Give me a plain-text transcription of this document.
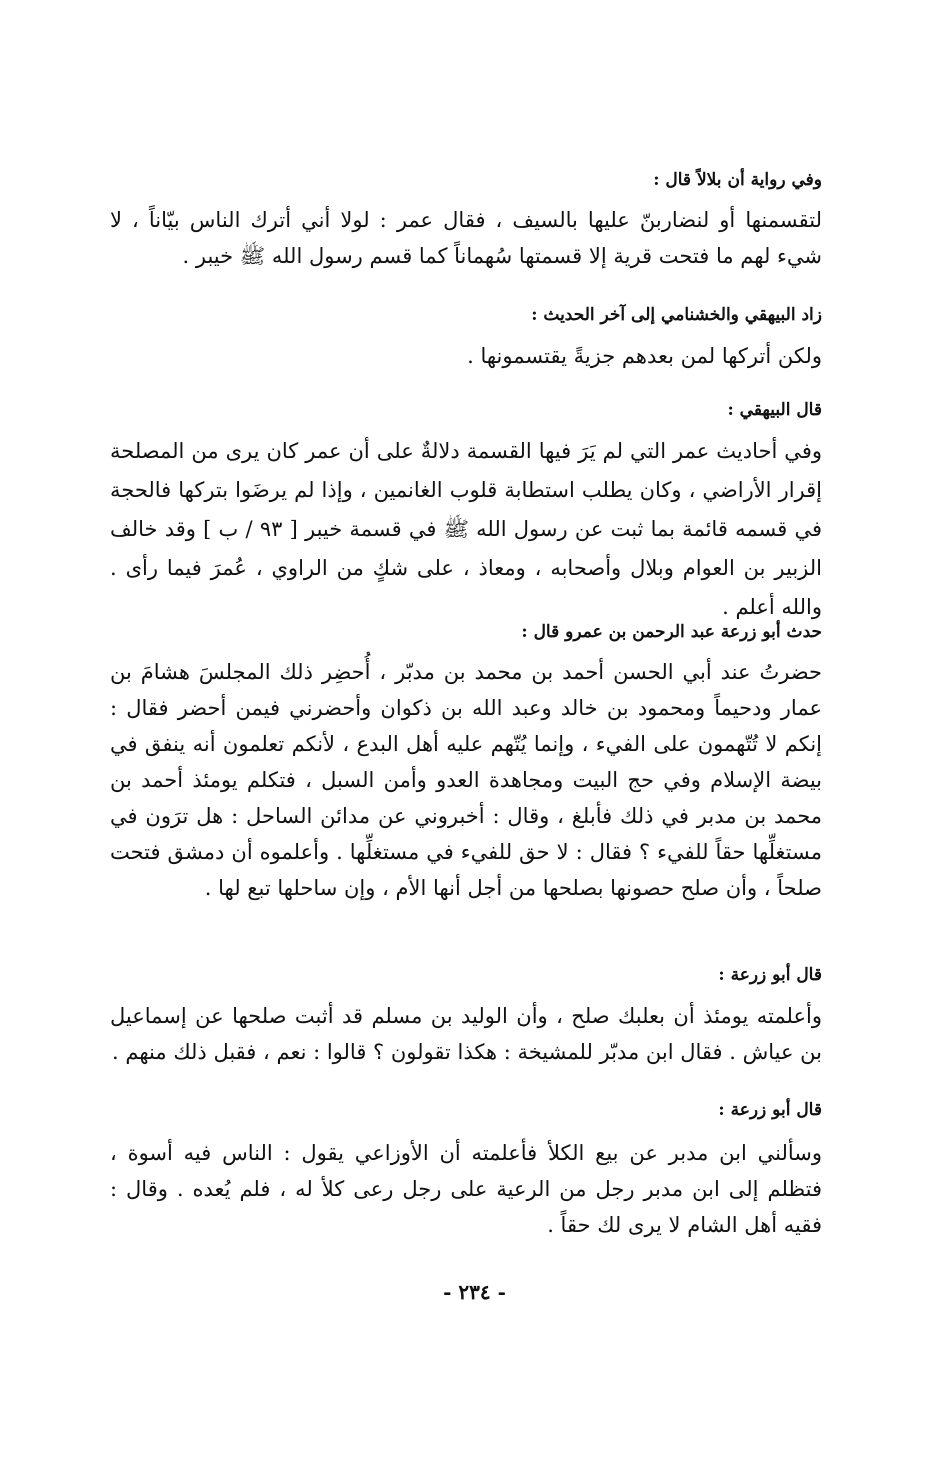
وفي رواية أن بلالاً قال :
لتقسمنها أو لنضاربنّ عليها بالسيف ، فقال عمر : لولا أني أترك الناس بيّاناً ، لا شيء لهم ما فتحت قرية إلا قسمتها سُهماناً كما قسم رسول الله ﷺ خيبر .
زاد البيهقي والخشنامي إلى آخر الحديث :
ولكن أتركها لمن بعدهم جزيةً يقتسمونها .
قال البيهقي :
وفي أحاديث عمر التي لم يَرَ فيها القسمة دلالةٌ على أن عمر كان يرى من المصلحة إقرار الأراضي ، وكان يطلب استطابة قلوب الغانمين ، وإذا لم يرضَوا بتركها فالحجة في قسمه قائمة بما ثبت عن رسول الله ﷺ في قسمة خيبر [ ٩٣ / ب ] وقد خالف الزبير بن العوام وبلال وأصحابه ، ومعاذ ، على شكٍ من الراوي ، عُمرَ فيما رأى . والله أعلم .
حدث أبو زرعة عبد الرحمن بن عمرو قال :
حضرتُ عند أبي الحسن أحمد بن محمد بن مدبّر ، أُحضِر ذلك المجلسَ هشامَ بن عمار ودحيماً ومحمود بن خالد وعبد الله بن ذكوان وأحضرني فيمن أحضر فقال : إنكم لا تُتّهمون على الفيء ، وإنما يُتّهم عليه أهل البدع ، لأنكم تعلمون أنه ينفق في بيضة الإسلام وفي حج البيت ومجاهدة العدو وأمن السبل ، فتكلم يومئذ أحمد بن محمد بن مدبر في ذلك فأبلغ ، وقال : أخبروني عن مدائن الساحل : هل ترَون في مستغلِّها حقاً للفيء ؟ فقال : لا حق للفيء في مستغلِّها . وأعلموه أن دمشق فتحت صلحاً ، وأن صلح حصونها بصلحها من أجل أنها الأم ، وإن ساحلها تبع لها .
قال أبو زرعة :
وأعلمته يومئذ أن بعلبك صلح ، وأن الوليد بن مسلم قد أثبت صلحها عن إسماعيل بن عياش . فقال ابن مدبّر للمشيخة : هكذا تقولون ؟ قالوا : نعم ، فقبل ذلك منهم .
قال أبو زرعة :
وسألني ابن مدبر عن بيع الكلأ فأعلمته أن الأوزاعي يقول : الناس فيه أسوة ، فتظلم إلى ابن مدبر رجل من الرعية على رجل رعى كلأ له ، فلم يُعده . وقال : فقيه أهل الشام لا يرى لك حقاً .
- ٢٣٤ -
